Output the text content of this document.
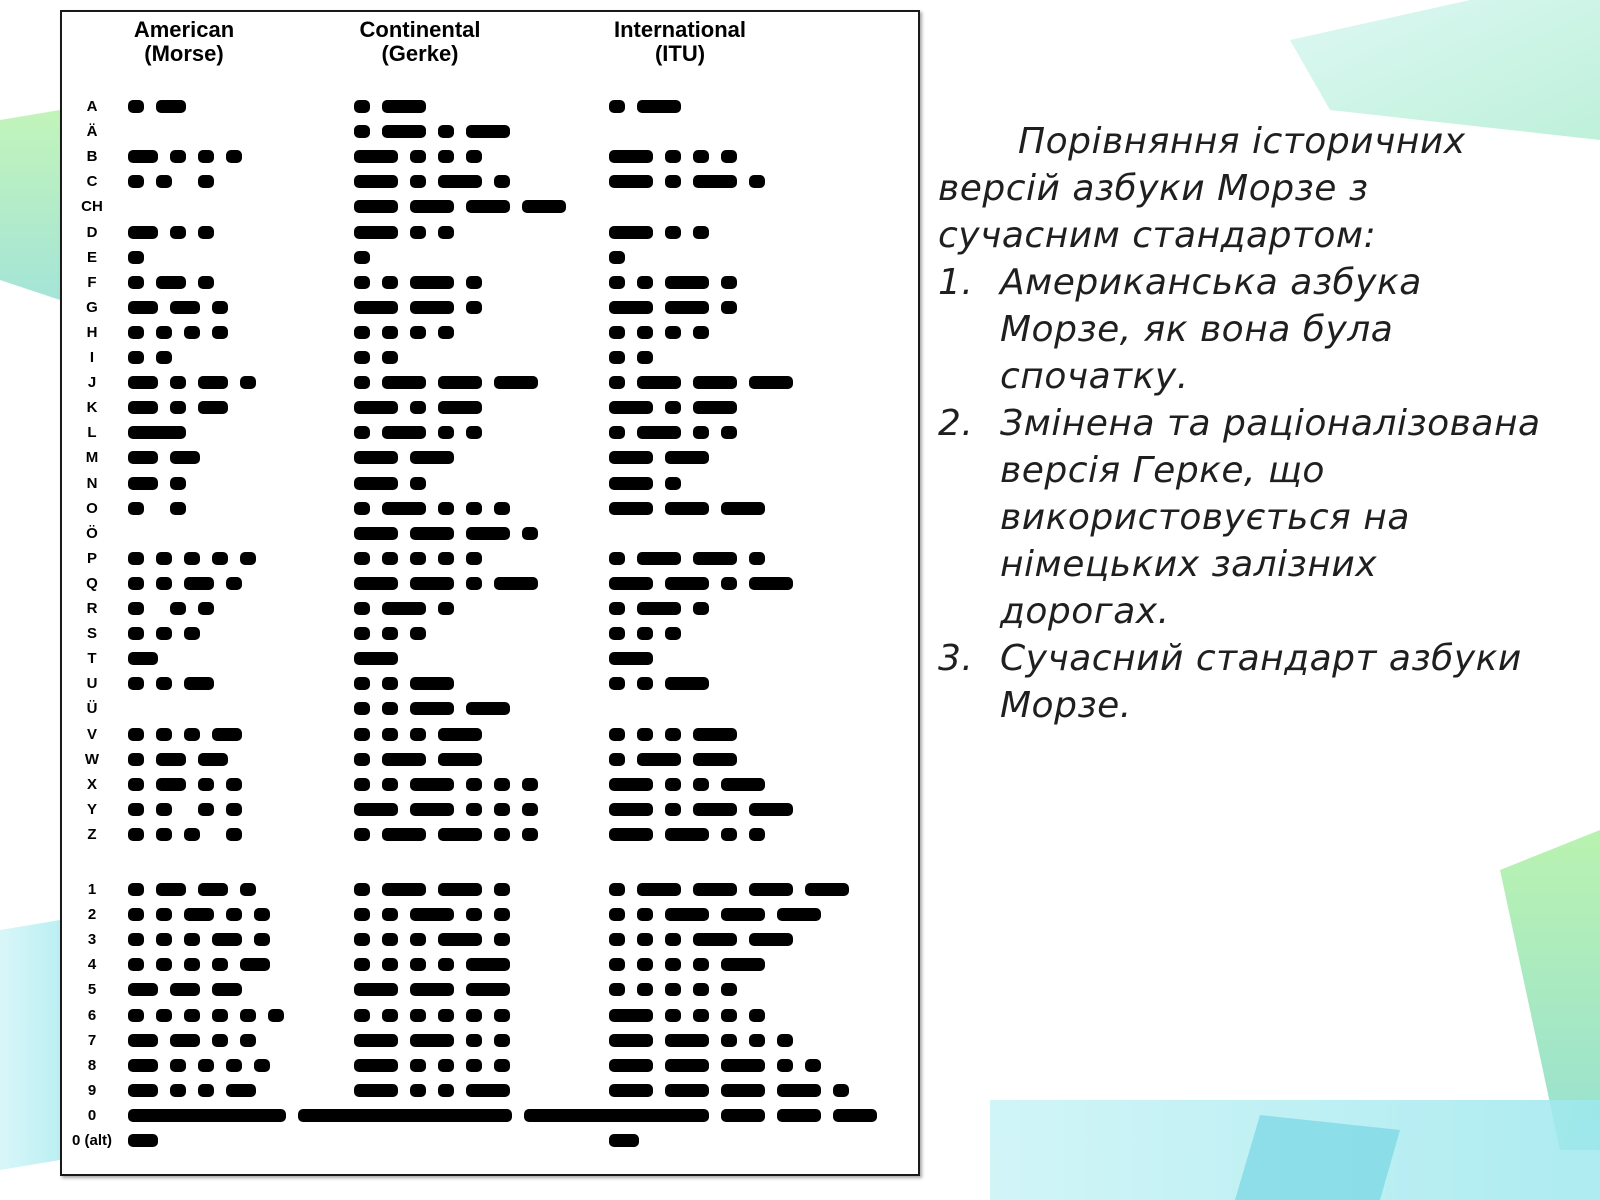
American
(Morse)
Continental
(Gerke)
International
(ITU)
A
Ä
B
C
CH
D
E
F
G
H
I
J
K
L
M
N
O
Ö
P
Q
R
S
T
U
Ü
V
W
X
Y
Z
1
2
3
4
5
6
7
8
9
0
0 (alt)

Порівняння історичних версій азбуки Морзе з сучасним стандартом:

1. Американська азбука Морзе, як вона була спочатку.
2. Змінена та раціоналізована версія Герке, що використовується на німецьких залізних дорогах.
3. Сучасний стандарт азбуки Морзе.
